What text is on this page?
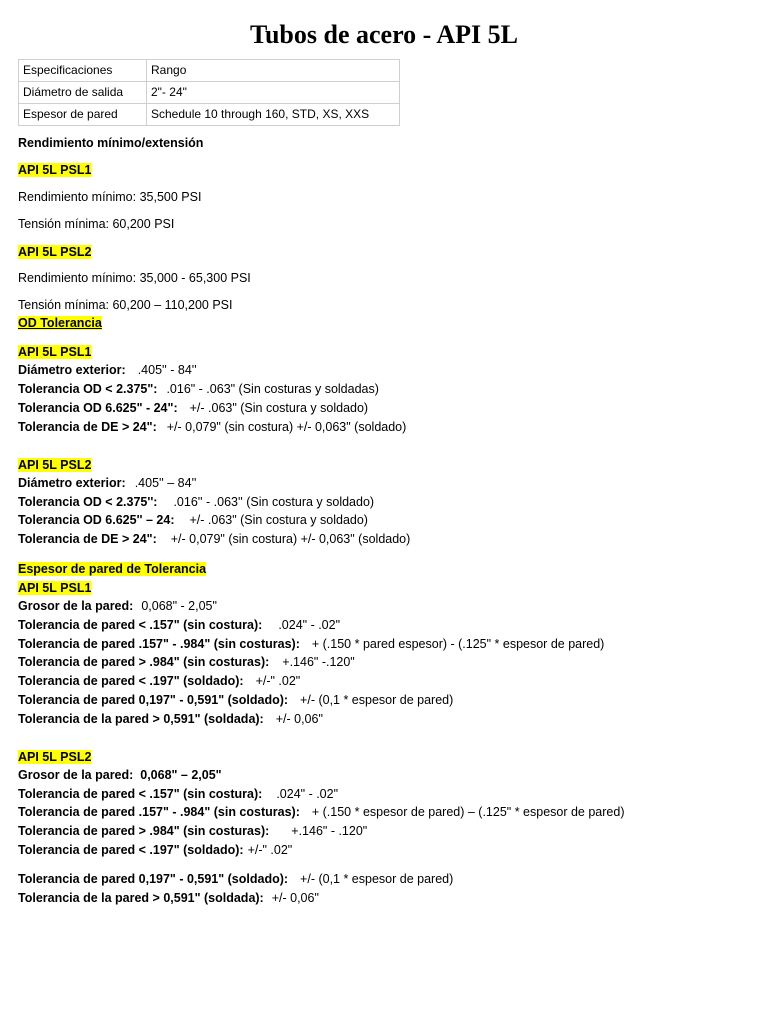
Tubos de acero - API 5L
Especificaciones	Rango
Diámetro de salida	2"- 24"
Espesor de pared	Schedule 10 through 160, STD, XS, XXS
Rendimiento mínimo/extensión
API 5L PSL1
Rendimiento mínimo: 35,500 PSI
Tensión mínima: 60,200 PSI
API 5L PSL2
Rendimiento mínimo: 35,000 - 65,300 PSI
Tensión mínima: 60,200 – 110,200 PSI
OD Tolerancia
API 5L PSL1
Diámetro exterior: .405'' - 84''
Tolerancia OD < 2.375": .016" - .063" (Sin costuras y soldadas)
Tolerancia OD 6.625" - 24": +/- .063" (Sin costura y soldado)
Tolerancia de DE > 24": +/- 0,079" (sin costura) +/- 0,063" (soldado)
API 5L PSL2
Diámetro exterior: .405'' – 84''
Tolerancia OD < 2.375'': .016'' - .063'' (Sin costura y soldado)
Tolerancia OD 6.625'' – 24: +/- .063" (Sin costura y soldado)
Tolerancia de DE > 24": +/- 0,079" (sin costura) +/- 0,063" (soldado)
Espesor de pared de Tolerancia
API 5L PSL1
Grosor de la pared: 0,068" - 2,05"
Tolerancia de pared < .157" (sin costura): .024" - .02"
Tolerancia de pared .157" - .984" (sin costuras): + (.150 * pared espesor) - (.125" * espesor de pared)
Tolerancia de pared > .984" (sin costuras): +.146" -.120"
Tolerancia de pared < .197" (soldado): +/-" .02"
Tolerancia de pared 0,197" - 0,591" (soldado): +/- (0,1 * espesor de pared)
Tolerancia de la pared > 0,591" (soldada): +/- 0,06"
API 5L PSL2
Grosor de la pared:  0,068" – 2,05"
Tolerancia de pared < .157" (sin costura): .024" - .02"
Tolerancia de pared .157" - .984" (sin costuras): + (.150 * espesor de pared) – (.125" * espesor de pared)
Tolerancia de pared > .984" (sin costuras): +.146" - .120"
Tolerancia de pared < .197" (soldado): +/-" .02"
Tolerancia de pared 0,197" - 0,591" (soldado): +/- (0,1 * espesor de pared)
Tolerancia de la pared > 0,591" (soldada): +/- 0,06"
